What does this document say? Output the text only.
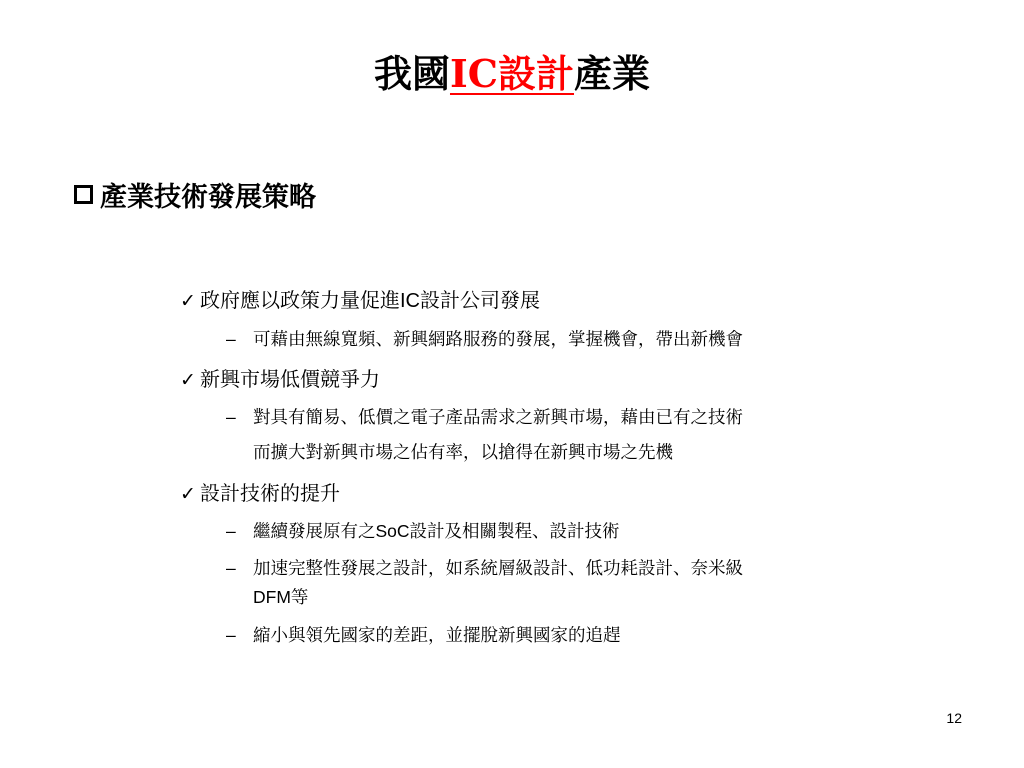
我國IC設計產業
產業技術發展策略
✓ 政府應以政策力量促進IC設計公司發展
– 可藉由無線寬頻、新興網路服務的發展，掌握機會，帶出新機會
✓ 新興市場低價競爭力
– 對具有簡易、低價之電子產品需求之新興市場，藉由已有之技術
而擴大對新興市場之佔有率，以搶得在新興市場之先機
✓ 設計技術的提升
– 繼續發展原有之SoC設計及相關製程、設計技術
– 加速完整性發展之設計，如系統層級設計、低功耗設計、奈米級
DFM等
– 縮小與領先國家的差距，並擺脫新興國家的追趕
12
